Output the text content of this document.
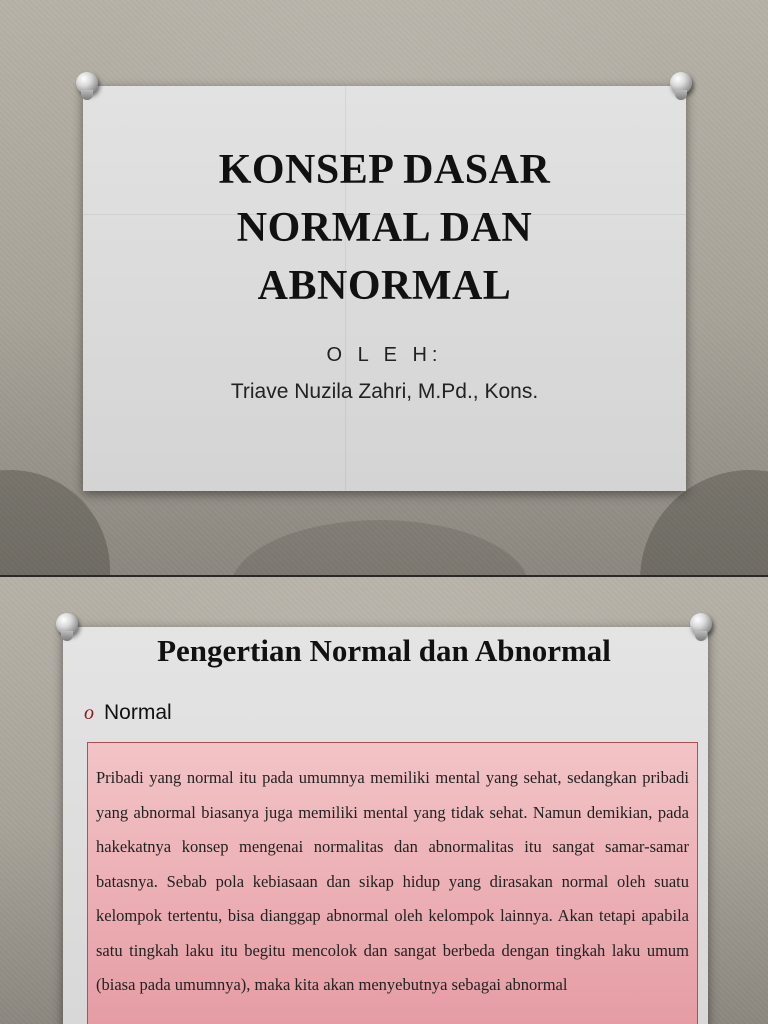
KONSEP DASAR
NORMAL DAN
ABNORMAL
O L E H:
Triave Nuzila Zahri, M.Pd., Kons.
Pengertian Normal dan Abnormal
o Normal
Pribadi yang normal itu pada umumnya memiliki mental yang sehat, sedangkan pribadi yang abnormal biasanya juga memiliki mental yang tidak sehat. Namun demikian, pada hakekatnya konsep mengenai normalitas dan abnormalitas itu sangat samar-samar batasnya. Sebab pola kebiasaan dan sikap hidup yang dirasakan normal oleh suatu kelompok tertentu, bisa dianggap abnormal oleh kelompok lainnya. Akan tetapi apabila satu tingkah laku itu begitu mencolok dan sangat berbeda dengan tingkah laku umum (biasa pada umumnya), maka kita akan menyebutnya sebagai abnormal
